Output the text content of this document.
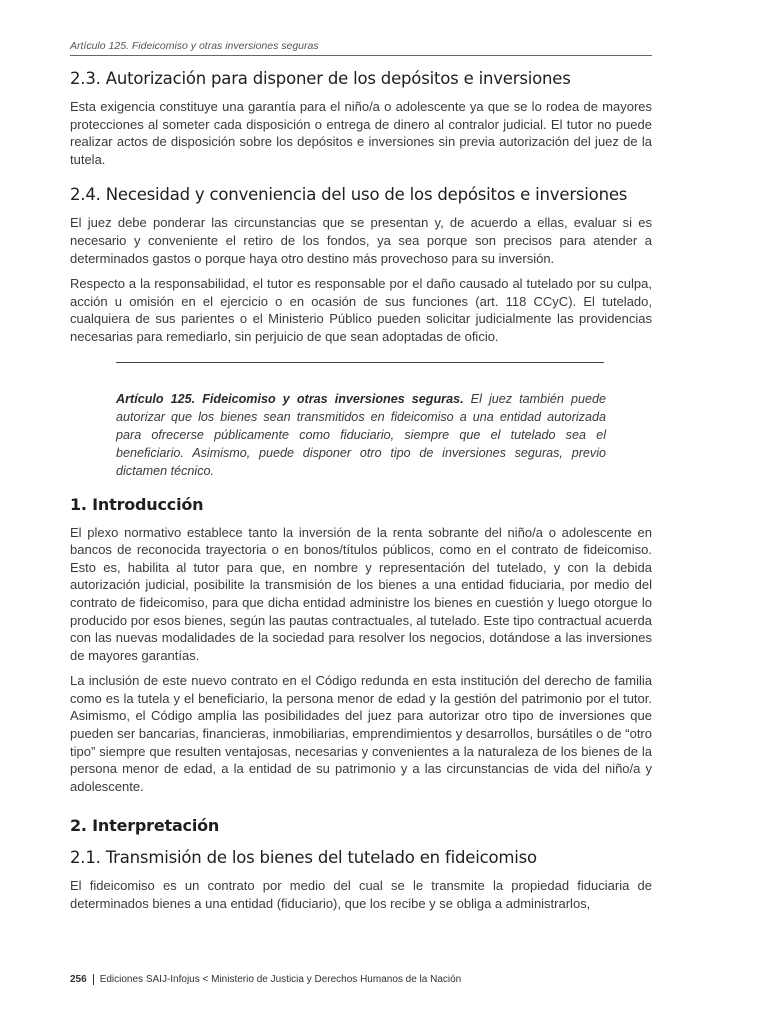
Artículo 125. Fideicomiso y otras inversiones seguras
2.3. Autorización para disponer de los depósitos e inversiones

Esta exigencia constituye una garantía para el niño/a o adolescente ya que se lo rodea de mayores protecciones al someter cada disposición o entrega de dinero al contralor judicial. El tutor no puede realizar actos de disposición sobre los depósitos e inversiones sin previa autorización del juez de la tutela.

2.4. Necesidad y conveniencia del uso de los depósitos e inversiones

El juez debe ponderar las circunstancias que se presentan y, de acuerdo a ellas, evaluar si es necesario y conveniente el retiro de los fondos, ya sea porque son precisos para atender a determinados gastos o porque haya otro destino más provechoso para su inversión.

Respecto a la responsabilidad, el tutor es responsable por el daño causado al tutelado por su culpa, acción u omisión en el ejercicio o en ocasión de sus funciones (art. 118 CCyC). El tutelado, cualquiera de sus parientes o el Ministerio Público pueden solicitar judicialmente las providencias necesarias para remediarlo, sin perjuicio de que sean adoptadas de oficio.

Artículo 125. Fideicomiso y otras inversiones seguras. El juez también puede autorizar que los bienes sean transmitidos en fideicomiso a una entidad autorizada para ofrecerse públicamente como fiduciario, siempre que el tutelado sea el beneficiario. Asimismo, puede disponer otro tipo de inversiones seguras, previo dictamen técnico.
1. Introducción

El plexo normativo establece tanto la inversión de la renta sobrante del niño/a o adolescente en bancos de reconocida trayectoria o en bonos/títulos públicos, como en el contrato de fideicomiso. Esto es, habilita al tutor para que, en nombre y representación del tutelado, y con la debida autorización judicial, posibilite la transmisión de los bienes a una entidad fiduciaria, por medio del contrato de fideicomiso, para que dicha entidad administre los bienes en cuestión y luego otorgue lo producido por esos bienes, según las pautas contractuales, al tutelado. Este tipo contractual acuerda con las nuevas modalidades de la sociedad para resolver los negocios, dotándose a las inversiones de mayores garantías.

La inclusión de este nuevo contrato en el Código redunda en esta institución del derecho de familia como es la tutela y el beneficiario, la persona menor de edad y la gestión del patrimonio por el tutor. Asimismo, el Código amplía las posibilidades del juez para autorizar otro tipo de inversiones que pueden ser bancarias, financieras, inmobiliarias, emprendimientos y desarrollos, bursátiles o de “otro tipo” siempre que resulten ventajosas, necesarias y convenientes a la naturaleza de los bienes de la persona menor de edad, a la entidad de su patrimonio y a las circunstancias de vida del niño/a y adolescente.

2. Interpretación
2.1. Transmisión de los bienes del tutelado en fideicomiso

El fideicomiso es un contrato por medio del cual se le transmite la propiedad fiduciaria de determinados bienes a una entidad (fiduciario), que los recibe y se obliga a administrarlos,

256 Ediciones SAIJ-Infojus < Ministerio de Justicia y Derechos Humanos de la Nación
